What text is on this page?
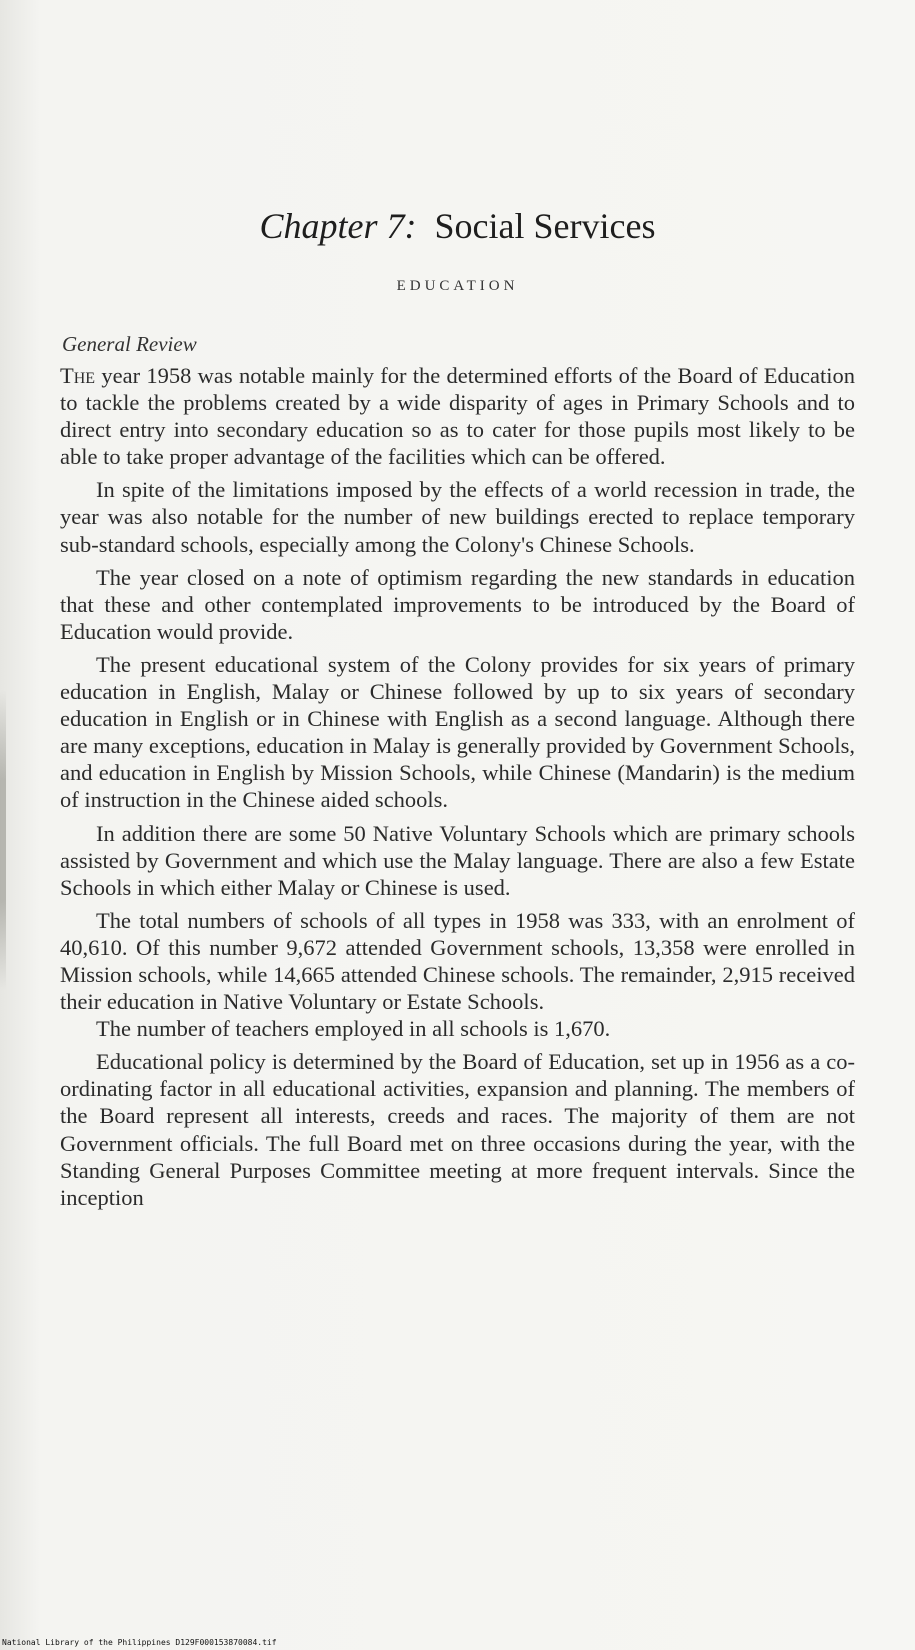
Chapter 7: Social Services
EDUCATION
General Review

The year 1958 was notable mainly for the determined efforts of the Board of Education to tackle the problems created by a wide disparity of ages in Primary Schools and to direct entry into secondary education so as to cater for those pupils most likely to be able to take proper advantage of the facilities which can be offered.

In spite of the limitations imposed by the effects of a world recession in trade, the year was also notable for the number of new buildings erected to replace temporary sub-standard schools, especially among the Colony's Chinese Schools.

The year closed on a note of optimism regarding the new standards in education that these and other contemplated improvements to be introduced by the Board of Education would provide.

The present educational system of the Colony provides for six years of primary education in English, Malay or Chinese followed by up to six years of secondary education in English or in Chinese with English as a second language. Although there are many exceptions, education in Malay is generally provided by Government Schools, and education in English by Mission Schools, while Chinese (Mandarin) is the medium of instruction in the Chinese aided schools.

In addition there are some 50 Native Voluntary Schools which are primary schools assisted by Government and which use the Malay language. There are also a few Estate Schools in which either Malay or Chinese is used.

The total numbers of schools of all types in 1958 was 333, with an enrolment of 40,610. Of this number 9,672 attended Government schools, 13,358 were enrolled in Mission schools, while 14,665 attended Chinese schools. The remainder, 2,915 received their education in Native Voluntary or Estate Schools.

The number of teachers employed in all schools is 1,670.

Educational policy is determined by the Board of Education, set up in 1956 as a co-ordinating factor in all educational activities, expansion and planning. The members of the Board represent all interests, creeds and races. The majority of them are not Government officials. The full Board met on three occasions during the year, with the Standing General Purposes Committee meeting at more frequent intervals. Since the inception

National Library of the Philippines D129F000153870084.tif
